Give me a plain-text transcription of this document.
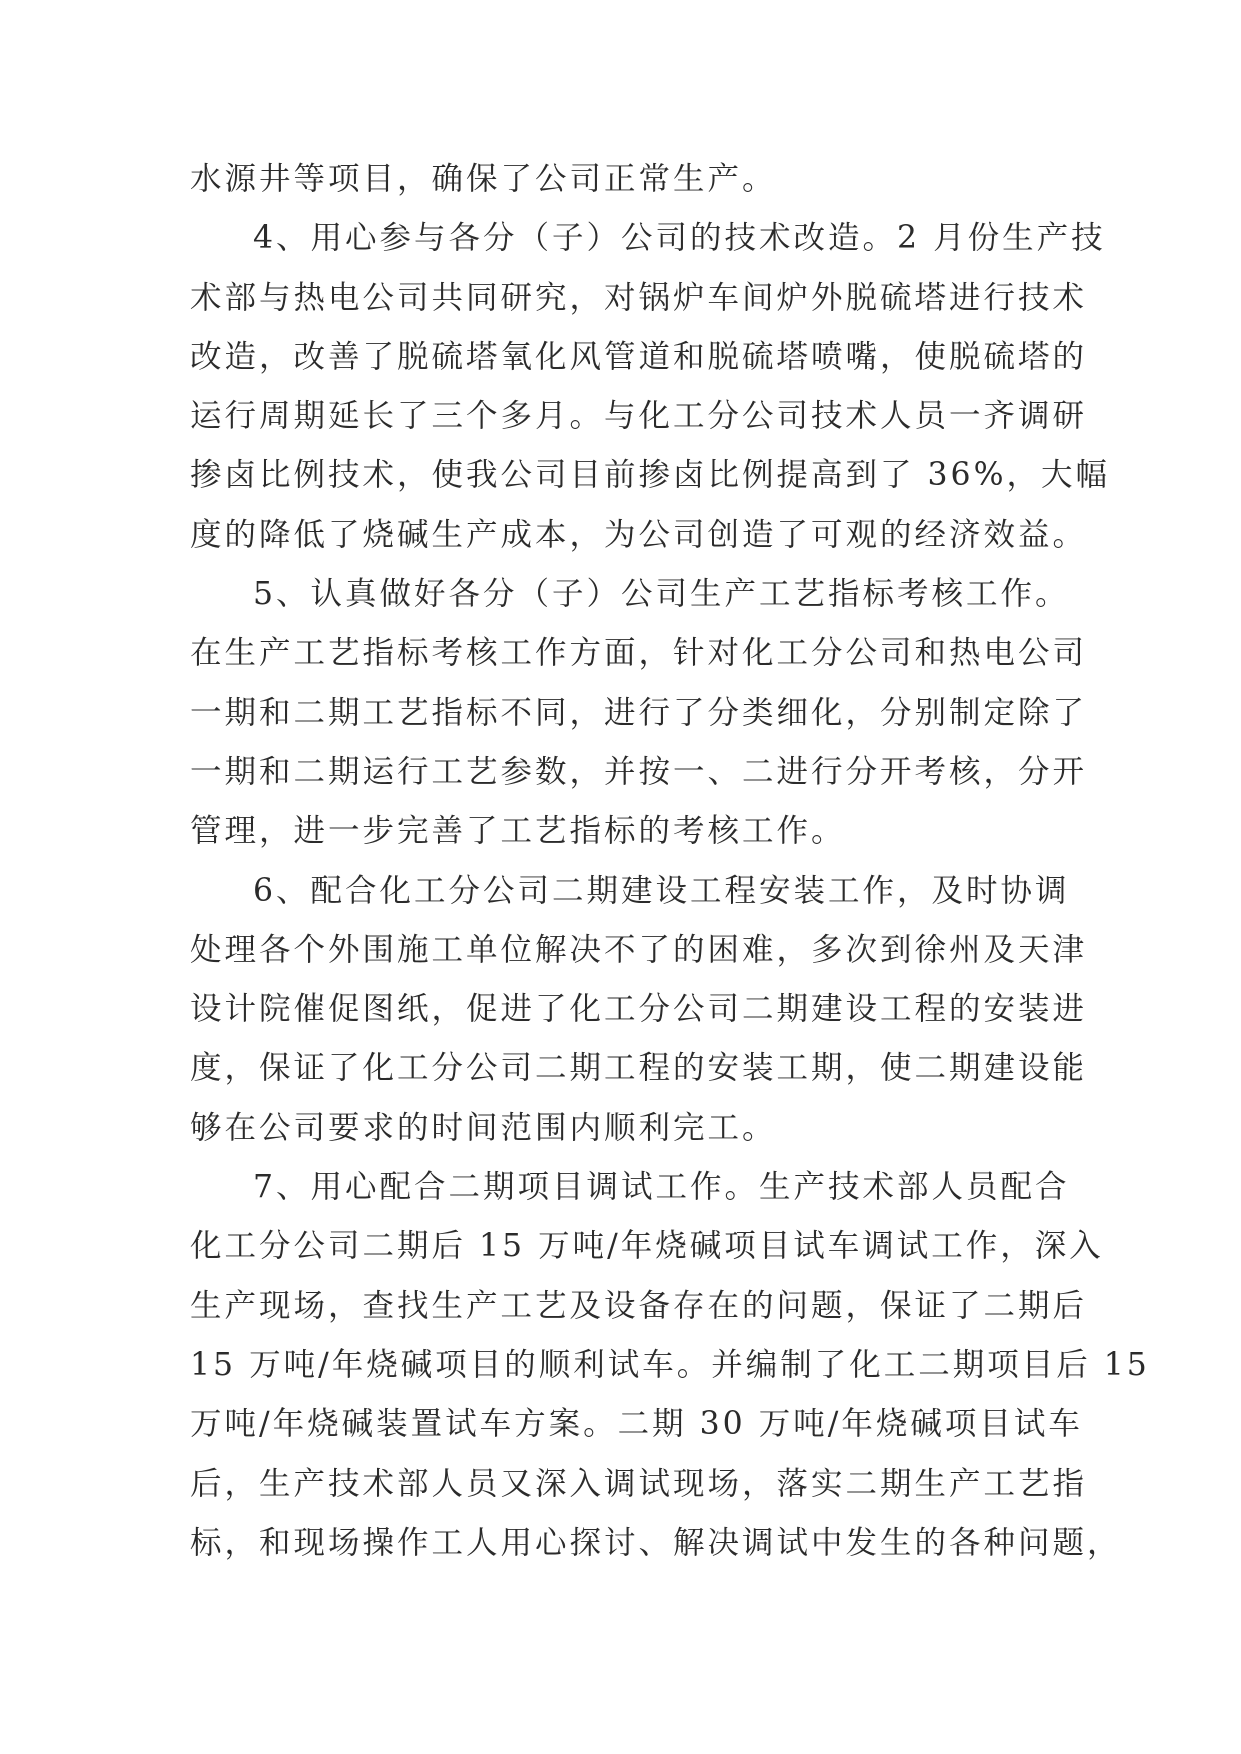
水源井等项目，确保了公司正常生产。
4、用心参与各分（子）公司的技术改造。2 月份生产技
术部与热电公司共同研究，对锅炉车间炉外脱硫塔进行技术
改造，改善了脱硫塔氧化风管道和脱硫塔喷嘴，使脱硫塔的
运行周期延长了三个多月。与化工分公司技术人员一齐调研
掺卤比例技术，使我公司目前掺卤比例提高到了 36%，大幅
度的降低了烧碱生产成本，为公司创造了可观的经济效益。
5、认真做好各分（子）公司生产工艺指标考核工作。
在生产工艺指标考核工作方面，针对化工分公司和热电公司
一期和二期工艺指标不同，进行了分类细化，分别制定除了
一期和二期运行工艺参数，并按一、二进行分开考核，分开
管理，进一步完善了工艺指标的考核工作。
6、配合化工分公司二期建设工程安装工作，及时协调
处理各个外围施工单位解决不了的困难，多次到徐州及天津
设计院催促图纸，促进了化工分公司二期建设工程的安装进
度，保证了化工分公司二期工程的安装工期，使二期建设能
够在公司要求的时间范围内顺利完工。
7、用心配合二期项目调试工作。生产技术部人员配合
化工分公司二期后 15 万吨/年烧碱项目试车调试工作，深入
生产现场，查找生产工艺及设备存在的问题，保证了二期后
15 万吨/年烧碱项目的顺利试车。并编制了化工二期项目后 15
万吨/年烧碱装置试车方案。二期 30 万吨/年烧碱项目试车
后，生产技术部人员又深入调试现场，落实二期生产工艺指
标，和现场操作工人用心探讨、解决调试中发生的各种问题，
